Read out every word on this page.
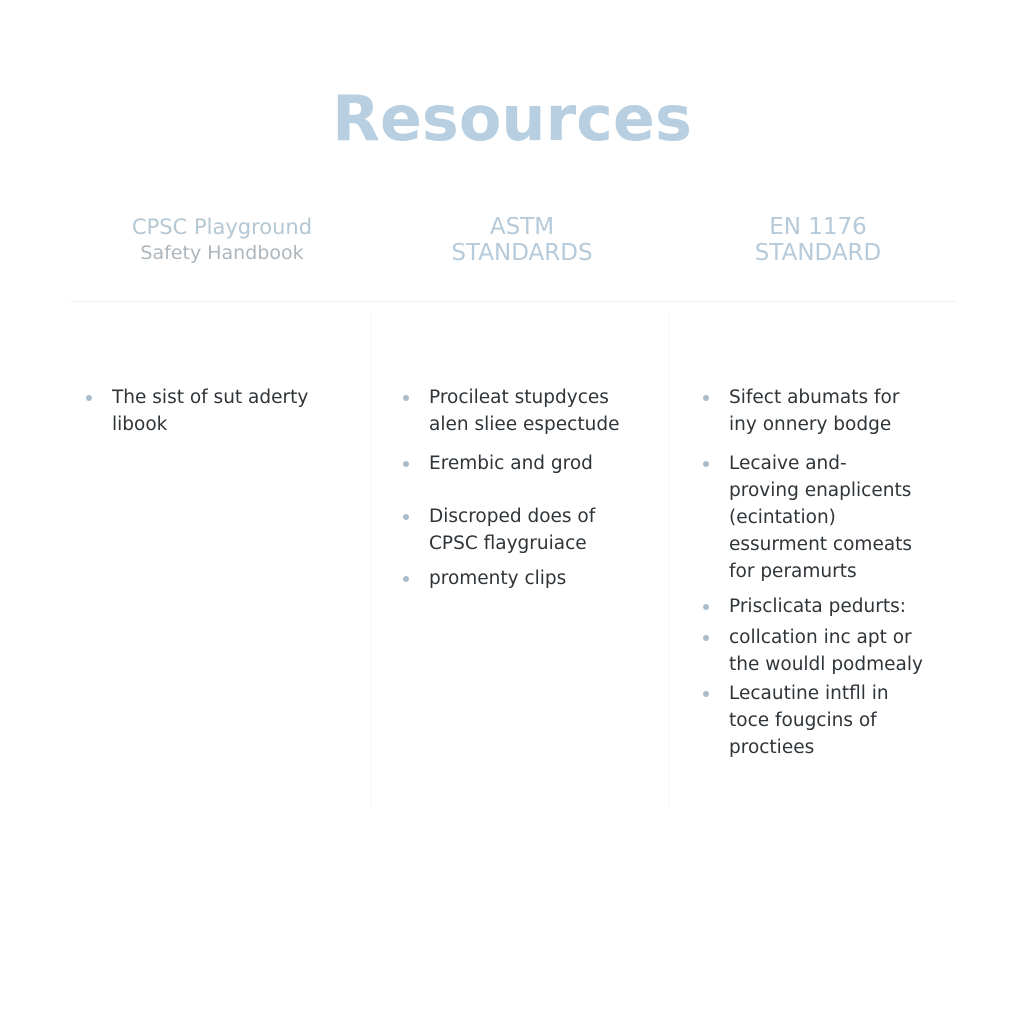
Resources
CPSC Playground
Safety Handbook
ASTM
STANDARDS
EN 1176
STANDARD
The sist of sut aderty
libook
Procileat stupdyces
alen sliee espectude
Erembic and grod
Discroped does of
CPSC flaygruiace
promenty clips
Sifect abumats for
iny onnery bodge
Lecaive and-
proving enaplicents
(ecintation)
essurment comeats
for peramurts
Prisclicata pedurts:
collcation inc apt or
the wouldl podmealy
Lecautine intfll in
toce fougcins of
proctiees
